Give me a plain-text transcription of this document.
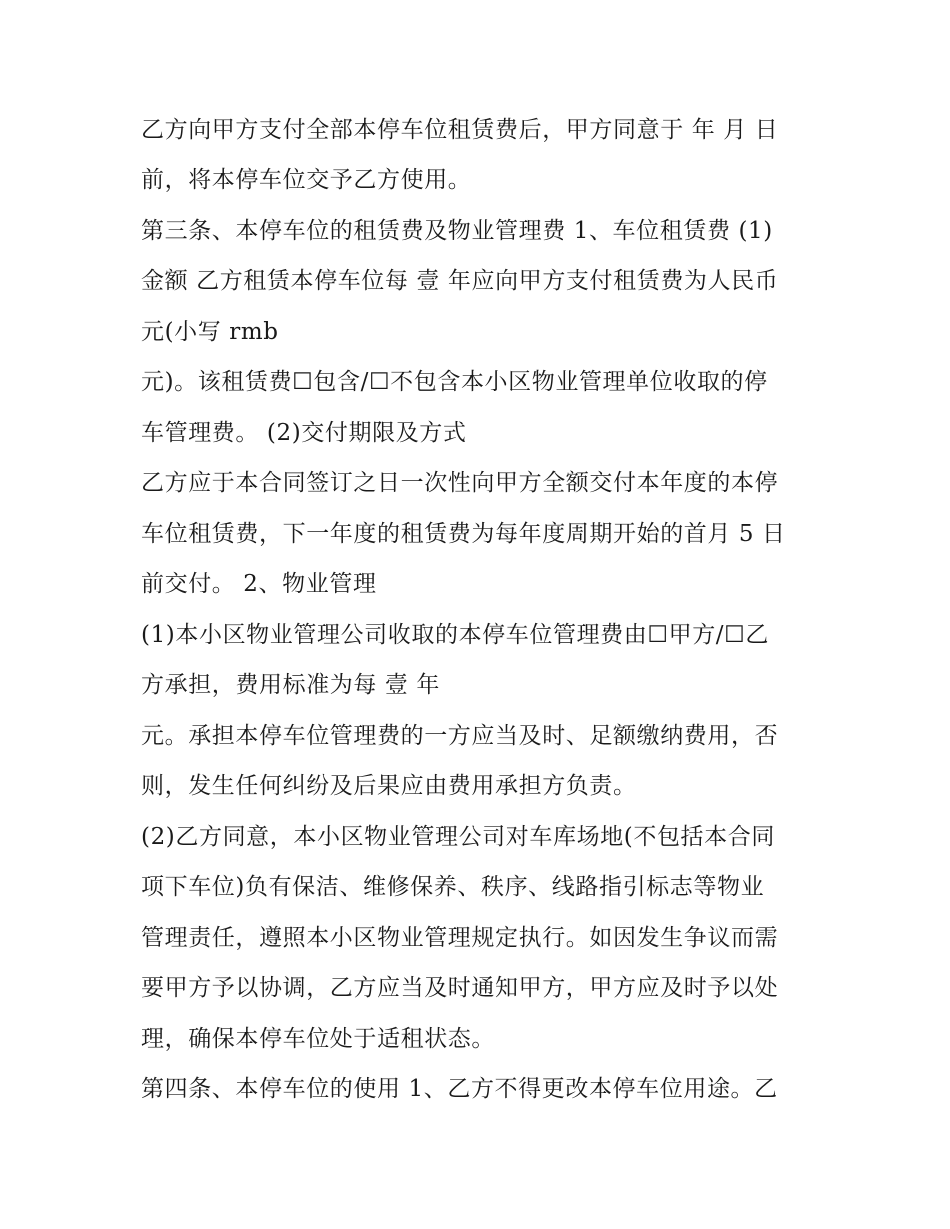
乙方向甲方支付全部本停车位租赁费后，甲方同意于 年 月 日
前，将本停车位交予乙方使用。
第三条、本停车位的租赁费及物业管理费 1、车位租赁费 (1)
金额 乙方租赁本停车位每 壹 年应向甲方支付租赁费为人民币
元(小写 rmb
元)。该租赁费☐包含/☐不包含本小区物业管理单位收取的停
车管理费。 (2)交付期限及方式
乙方应于本合同签订之日一次性向甲方全额交付本年度的本停
车位租赁费，下一年度的租赁费为每年度周期开始的首月 5 日
前交付。 2、物业管理
(1)本小区物业管理公司收取的本停车位管理费由☐甲方/☐乙
方承担，费用标准为每 壹 年
元。承担本停车位管理费的一方应当及时、足额缴纳费用，否
则，发生任何纠纷及后果应由费用承担方负责。
(2)乙方同意，本小区物业管理公司对车库场地(不包括本合同
项下车位)负有保洁、维修保养、秩序、线路指引标志等物业
管理责任，遵照本小区物业管理规定执行。如因发生争议而需
要甲方予以协调，乙方应当及时通知甲方，甲方应及时予以处
理，确保本停车位处于适租状态。
第四条、本停车位的使用 1、乙方不得更改本停车位用途。乙
